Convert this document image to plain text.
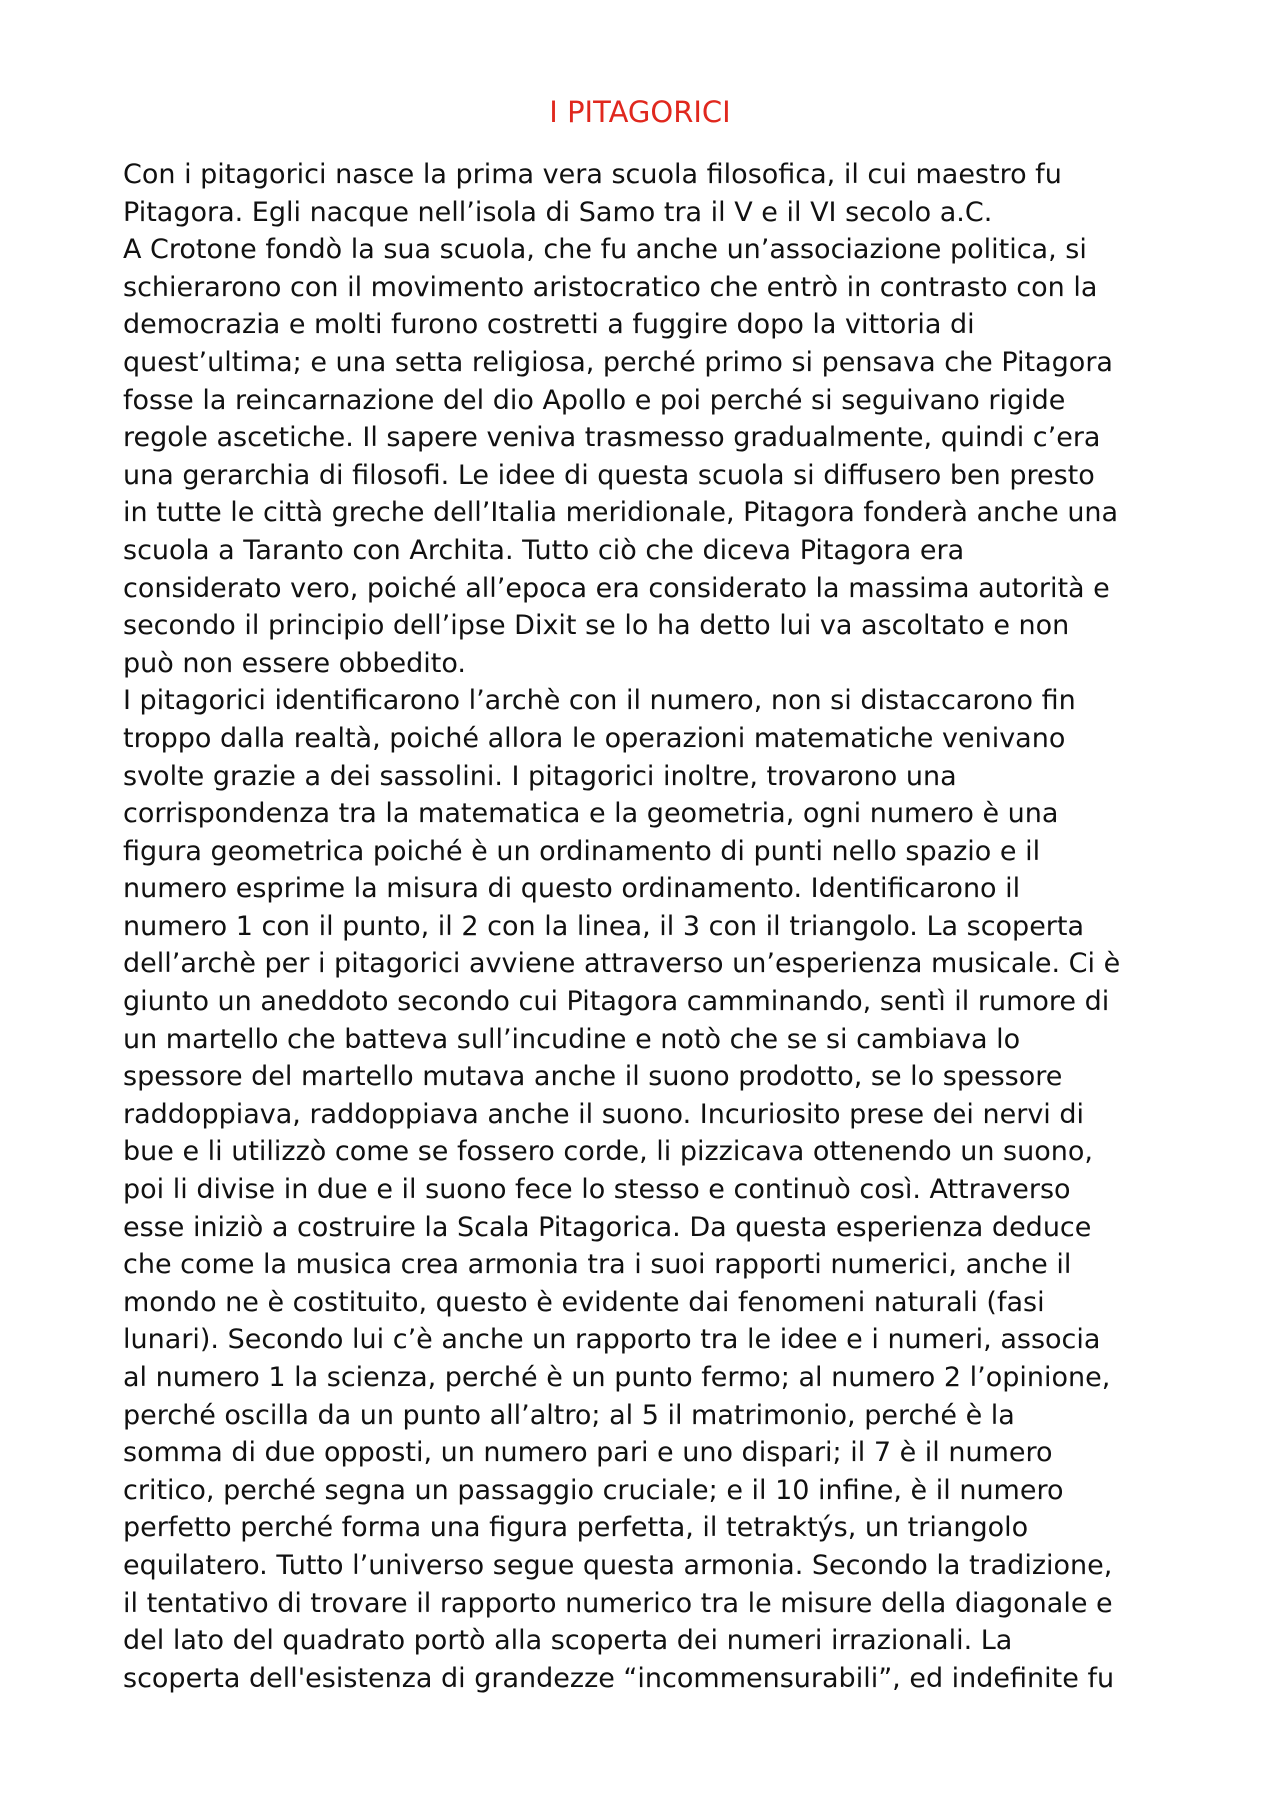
I PITAGORICI
Con i pitagorici nasce la prima vera scuola filosofica, il cui maestro fu
Pitagora. Egli nacque nell’isola di Samo tra il V e il VI secolo a.C.
A Crotone fondò la sua scuola, che fu anche un’associazione politica, si
schierarono con il movimento aristocratico che entrò in contrasto con la
democrazia e molti furono costretti a fuggire dopo la vittoria di
quest’ultima; e una setta religiosa, perché primo si pensava che Pitagora
fosse la reincarnazione del dio Apollo e poi perché si seguivano rigide
regole ascetiche. Il sapere veniva trasmesso gradualmente, quindi c’era
una gerarchia di filosofi. Le idee di questa scuola si diffusero ben presto
in tutte le città greche dell’Italia meridionale, Pitagora fonderà anche una
scuola a Taranto con Archita. Tutto ciò che diceva Pitagora era
considerato vero, poiché all’epoca era considerato la massima autorità e
secondo il principio dell’ipse Dixit se lo ha detto lui va ascoltato e non
può non essere obbedito.
I pitagorici identificarono l’archè con il numero, non si distaccarono fin
troppo dalla realtà, poiché allora le operazioni matematiche venivano
svolte grazie a dei sassolini. I pitagorici inoltre, trovarono una
corrispondenza tra la matematica e la geometria, ogni numero è una
figura geometrica poiché è un ordinamento di punti nello spazio e il
numero esprime la misura di questo ordinamento. Identificarono il
numero 1 con il punto, il 2 con la linea, il 3 con il triangolo. La scoperta
dell’archè per i pitagorici avviene attraverso un’esperienza musicale. Ci è
giunto un aneddoto secondo cui Pitagora camminando, sentì il rumore di
un martello che batteva sull’incudine e notò che se si cambiava lo
spessore del martello mutava anche il suono prodotto, se lo spessore
raddoppiava, raddoppiava anche il suono. Incuriosito prese dei nervi di
bue e li utilizzò come se fossero corde, li pizzicava ottenendo un suono,
poi li divise in due e il suono fece lo stesso e continuò così. Attraverso
esse iniziò a costruire la Scala Pitagorica. Da questa esperienza deduce
che come la musica crea armonia tra i suoi rapporti numerici, anche il
mondo ne è costituito, questo è evidente dai fenomeni naturali (fasi
lunari). Secondo lui c’è anche un rapporto tra le idee e i numeri, associa
al numero 1 la scienza, perché è un punto fermo; al numero 2 l’opinione,
perché oscilla da un punto all’altro; al 5 il matrimonio, perché è la
somma di due opposti, un numero pari e uno dispari; il 7 è il numero
critico, perché segna un passaggio cruciale; e il 10 infine, è il numero
perfetto perché forma una figura perfetta, il tetraktýs, un triangolo
equilatero. Tutto l’universo segue questa armonia. Secondo la tradizione,
il tentativo di trovare il rapporto numerico tra le misure della diagonale e
del lato del quadrato portò alla scoperta dei numeri irrazionali. La
scoperta dell'esistenza di grandezze “incommensurabili”, ed indefinite fu
